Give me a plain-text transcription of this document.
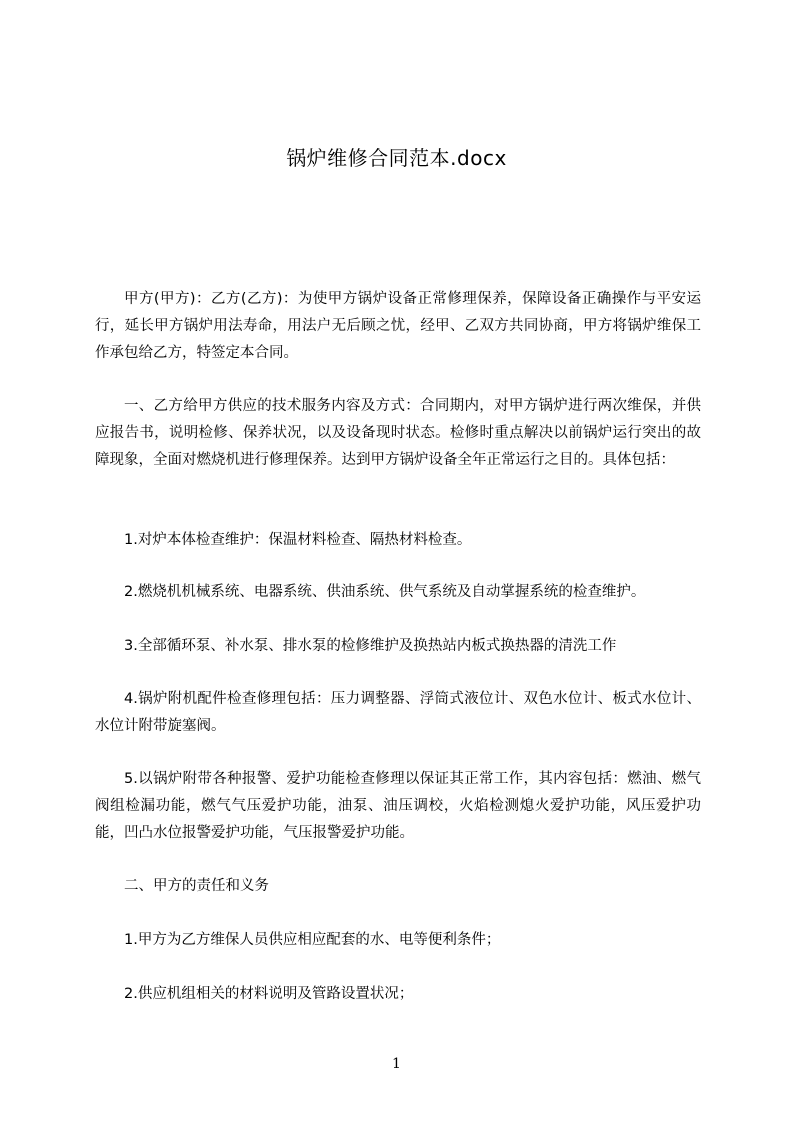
锅炉维修合同范本.docx

甲方(甲方)：乙方(乙方)：为使甲方锅炉设备正常修理保养，保障设备正确操作与平安运行，延长甲方锅炉用法寿命，用法户无后顾之忧，经甲、乙双方共同协商，甲方将锅炉维保工作承包给乙方，特签定本合同。

一、乙方给甲方供应的技术服务内容及方式：合同期内，对甲方锅炉进行两次维保，并供应报告书，说明检修、保养状况，以及设备现时状态。检修时重点解决以前锅炉运行突出的故障现象，全面对燃烧机进行修理保养。达到甲方锅炉设备全年正常运行之目的。具体包括：

1.对炉本体检查维护：保温材料检查、隔热材料检查。

2.燃烧机机械系统、电器系统、供油系统、供气系统及自动掌握系统的检查维护。

3.全部循环泵、补水泵、排水泵的检修维护及换热站内板式换热器的清洗工作

4.锅炉附机配件检查修理包括：压力调整器、浮筒式液位计、双色水位计、板式水位计、水位计附带旋塞阀。

5.以锅炉附带各种报警、爱护功能检查修理以保证其正常工作，其内容包括：燃油、燃气阀组检漏功能，燃气气压爱护功能，油泵、油压调校，火焰检测熄火爱护功能，风压爱护功能，凹凸水位报警爱护功能，气压报警爱护功能。

二、甲方的责任和义务

1.甲方为乙方维保人员供应相应配套的水、电等便利条件；

2.供应机组相关的材料说明及管路设置状况；

1
